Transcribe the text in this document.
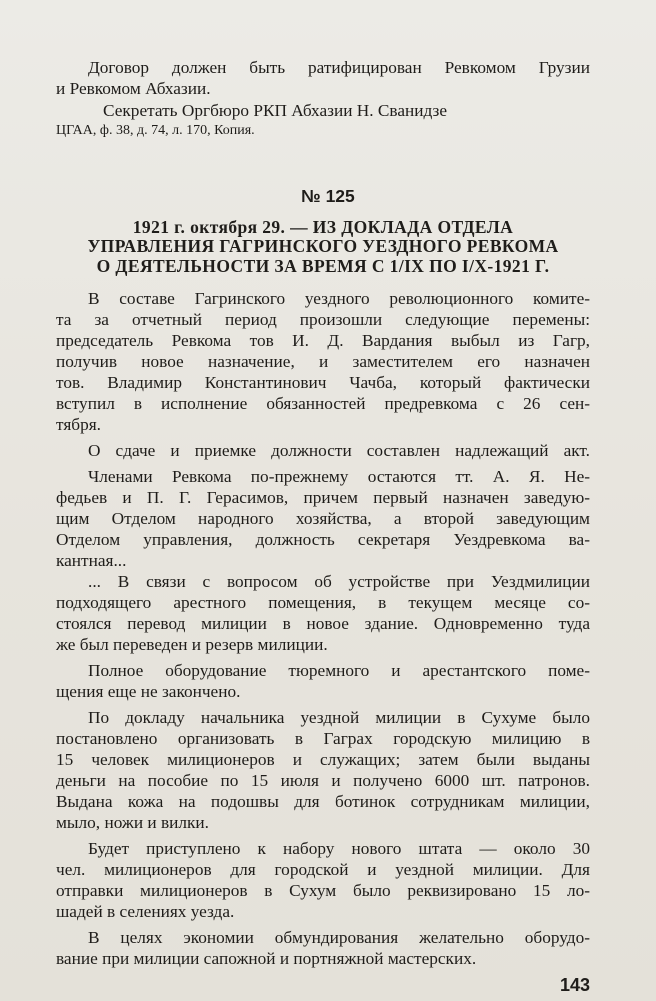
Договор должен быть ратифицирован Ревкомом Грузии
и Ревкомом Абхазии.
Секретать Оргбюро РКП Абхазии Н. Сванидзе
ЦГАА, ф. 38, д. 74, л. 170, Копия.
№ 125
1921 г. октября 29. — ИЗ ДОКЛАДА ОТДЕЛА
УПРАВЛЕНИЯ ГАГРИНСКОГО УЕЗДНОГО РЕВКОМА
О ДЕЯТЕЛЬНОСТИ ЗА ВРЕМЯ С 1/IX ПО I/X-1921 Г.
В составе Гагринского уездного революционного комите-
та за отчетный период произошли следующие перемены:
председатель Ревкома тов И. Д. Вардания выбыл из Гагр,
получив новое назначение, и заместителем его назначен
тов. Владимир Константинович Чачба, который фактически
вступил в исполнение обязанностей предревкома с 26 сен-
тября.
О сдаче и приемке должности составлен надлежащий акт.
Членами Ревкома по-прежнему остаются тт. А. Я. Не-
федьев и П. Г. Герасимов, причем первый назначен заведую-
щим Отделом народного хозяйства, а второй заведующим
Отделом управления, должность секретаря Уездревкома ва-
кантная...
... В связи с вопросом об устройстве при Уездмилиции
подходящего арестного помещения, в текущем месяце со-
стоялся перевод милиции в новое здание. Одновременно туда
же был переведен и резерв милиции.
Полное оборудование тюремного и арестантского поме-
щения еще не закончено.
По докладу начальника уездной милиции в Сухуме было
постановлено организовать в Гаграх городскую милицию в
15 человек милиционеров и служащих; затем были выданы
деньги на пособие по 15 июля и получено 6000 шт. патронов.
Выдана кожа на подошвы для ботинок сотрудникам милиции,
мыло, ножи и вилки.
Будет приступлено к набору нового штата — около 30
чел. милиционеров для городской и уездной милиции. Для
отправки милиционеров в Сухум было реквизировано 15 ло-
шадей в селениях уезда.
В целях экономии обмундирования желательно оборудо-
вание при милиции сапожной и портняжной мастерских.
143
